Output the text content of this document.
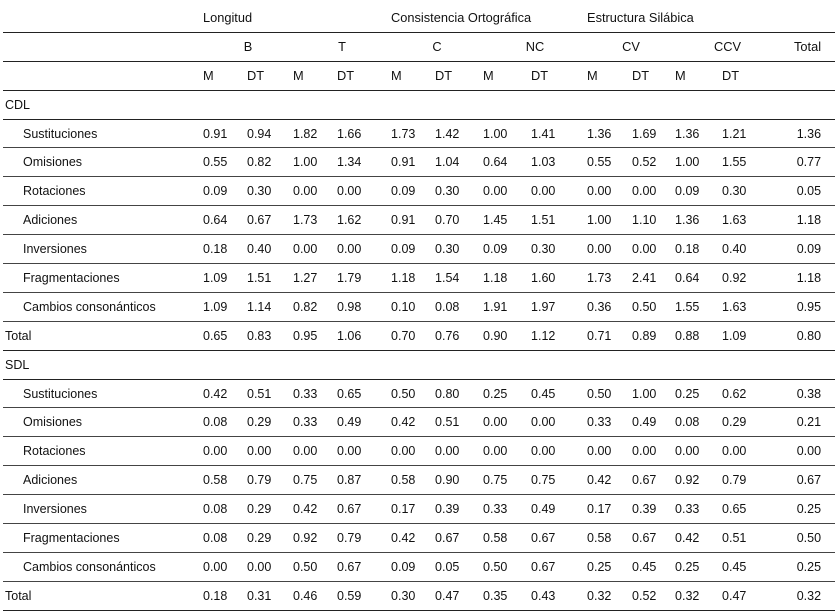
	Longitud				Consistencia Ortográfica				Estructura Silábica				
	B		T		C		NC		CV		CCV		Total
	M	DT	M	DT	M	DT	M	DT	M	DT	M	DT	
CDL													
Sustituciones	0.91	0.94	1.82	1.66	1.73	1.42	1.00	1.41	1.36	1.69	1.36	1.21	1.36
Omisiones	0.55	0.82	1.00	1.34	0.91	1.04	0.64	1.03	0.55	0.52	1.00	1.55	0.77
Rotaciones	0.09	0.30	0.00	0.00	0.09	0.30	0.00	0.00	0.00	0.00	0.09	0.30	0.05
Adiciones	0.64	0.67	1.73	1.62	0.91	0.70	1.45	1.51	1.00	1.10	1.36	1.63	1.18
Inversiones	0.18	0.40	0.00	0.00	0.09	0.30	0.09	0.30	0.00	0.00	0.18	0.40	0.09
Fragmentaciones	1.09	1.51	1.27	1.79	1.18	1.54	1.18	1.60	1.73	2.41	0.64	0.92	1.18
Cambios consonánticos	1.09	1.14	0.82	0.98	0.10	0.08	1.91	1.97	0.36	0.50	1.55	1.63	0.95
Total	0.65	0.83	0.95	1.06	0.70	0.76	0.90	1.12	0.71	0.89	0.88	1.09	0.80
SDL													
Sustituciones	0.42	0.51	0.33	0.65	0.50	0.80	0.25	0.45	0.50	1.00	0.25	0.62	0.38
Omisiones	0.08	0.29	0.33	0.49	0.42	0.51	0.00	0.00	0.33	0.49	0.08	0.29	0.21
Rotaciones	0.00	0.00	0.00	0.00	0.00	0.00	0.00	0.00	0.00	0.00	0.00	0.00	0.00
Adiciones	0.58	0.79	0.75	0.87	0.58	0.90	0.75	0.75	0.42	0.67	0.92	0.79	0.67
Inversiones	0.08	0.29	0.42	0.67	0.17	0.39	0.33	0.49	0.17	0.39	0.33	0.65	0.25
Fragmentaciones	0.08	0.29	0.92	0.79	0.42	0.67	0.58	0.67	0.58	0.67	0.42	0.51	0.50
Cambios consonánticos	0.00	0.00	0.50	0.67	0.09	0.05	0.50	0.67	0.25	0.45	0.25	0.45	0.25
Total	0.18	0.31	0.46	0.59	0.30	0.47	0.35	0.43	0.32	0.52	0.32	0.47	0.32
